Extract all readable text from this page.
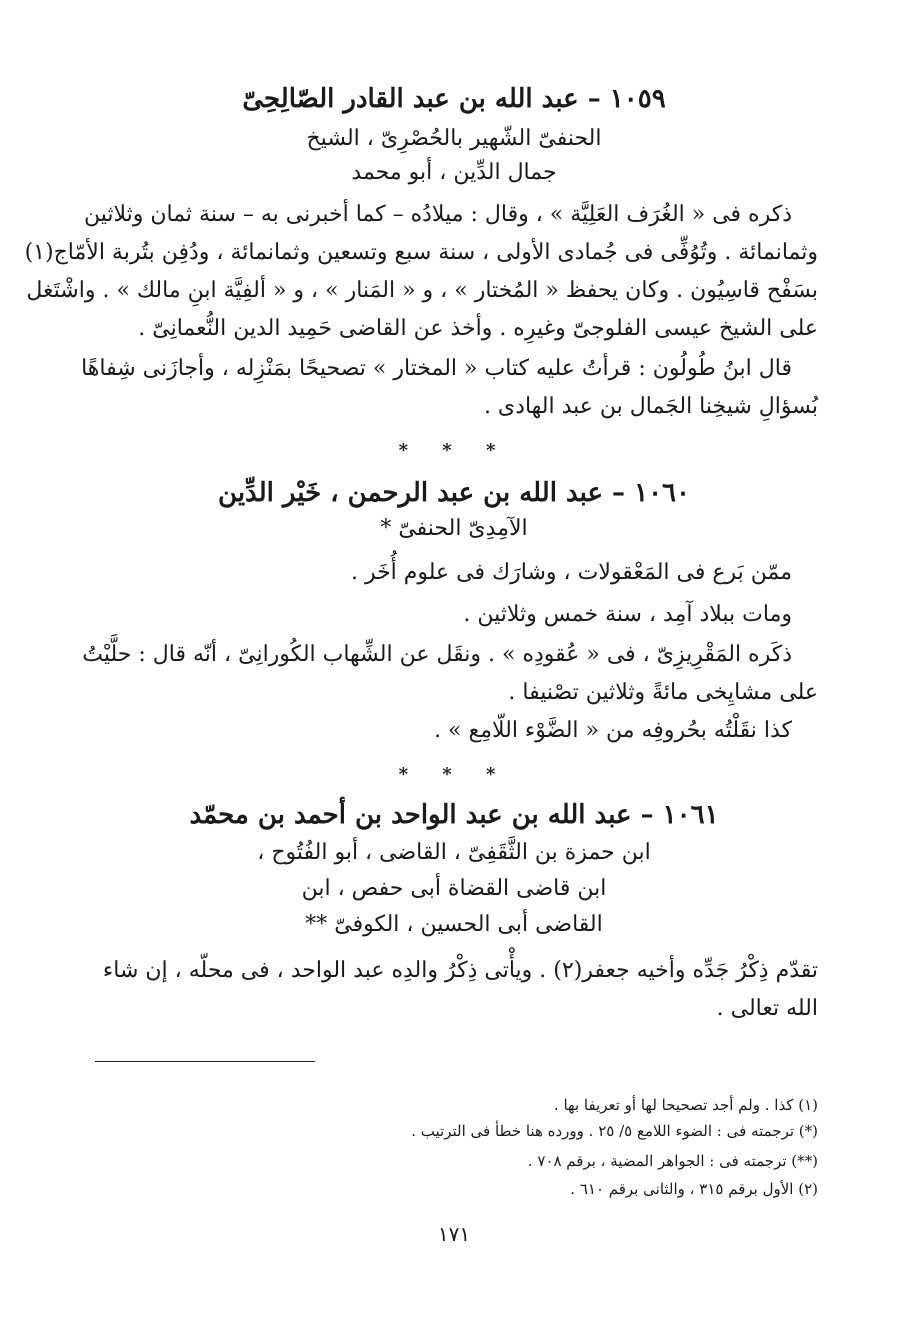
١٠٥٩ – عبد الله بن عبد القادر الصّالِحِىّ

الحنفىّ الشّهير بالحُصْرِىّ ، الشيخ

جمال الدِّين ، أبو محمد

ذكره فى « الغُرَف العَلِيَّة » ، وقال : ميلادُه – كما أخبرنى به – سنة ثمان وثلاثين

وثمانمائة . وتُوُفِّى فى جُمادى الأولى ، سنة سبع وتسعين وثمانمائة ، ودُفِن بتُربة الأمّاج(١)

بسَفْح قاسِيُون . وكان يحفظ « المُختار » ، و « المَنار » ، و « ألفِيَّة ابنِ مالك » . واشْتَغل

على الشيخ عيسى الفلوجىّ وغيرِه . وأخذ عن القاضى حَمِيد الدين النُّعمانِىّ .

قال ابنُ طُولُون : قرأتُ عليه كتاب « المختار » تصحيحًا بمَنْزِله ، وأجازَنى شِفاهًا

بُسؤالِ شيخِنا الجَمال بن عبد الهادى .

* * *

١٠٦٠ – عبد الله بن عبد الرحمن ، خَيْر الدِّين

الآمِدِىّ الحنفىّ *

ممّن بَرع فى المَعْقولات ، وشارَك فى علوم أُخَر .

ومات ببلاد آمِد ، سنة خمس وثلاثين .

ذكَره المَقْرِيزِىّ ، فى « عُقودِه » . ونقَل عن الشِّهاب الكُورانِىّ ، أنّه قال : حلَّيْتُ

على مشايِخى مائةً وثلاثين تصْنيفا .

كذا نقَلْتُه بحُروفِه من « الضَّوْء اللّامِع » .

* * *

١٠٦١ – عبد الله بن عبد الواحد بن أحمد بن محمّد

ابن حمزة بن الثَّقَفِىّ ، القاضى ، أبو الفُتُوح ،

ابن قاضى القضاة أبى حفص ، ابن

القاضى أبى الحسين ، الكوفىّ **

تقدّم ذِكْرُ جَدِّه وأخيه جعفر(٢) . ويأْتى ذِكْرُ والدِه عبد الواحد ، فى محلّه ، إن شاء

الله تعالى .

(١) كذا . ولم أجد تصحيحا لها أو تعريفا بها .

(*) ترجمته فى : الضوء اللامع ٥/ ٢٥ . وورده هنا خطأ فى الترتيب .

(**) ترجمته فى : الجواهر المضية ، برقم ٧٠٨ .

(٢) الأول برقم ٣١٥ ، والثانى برقم ٦١٠ .

١٧١
